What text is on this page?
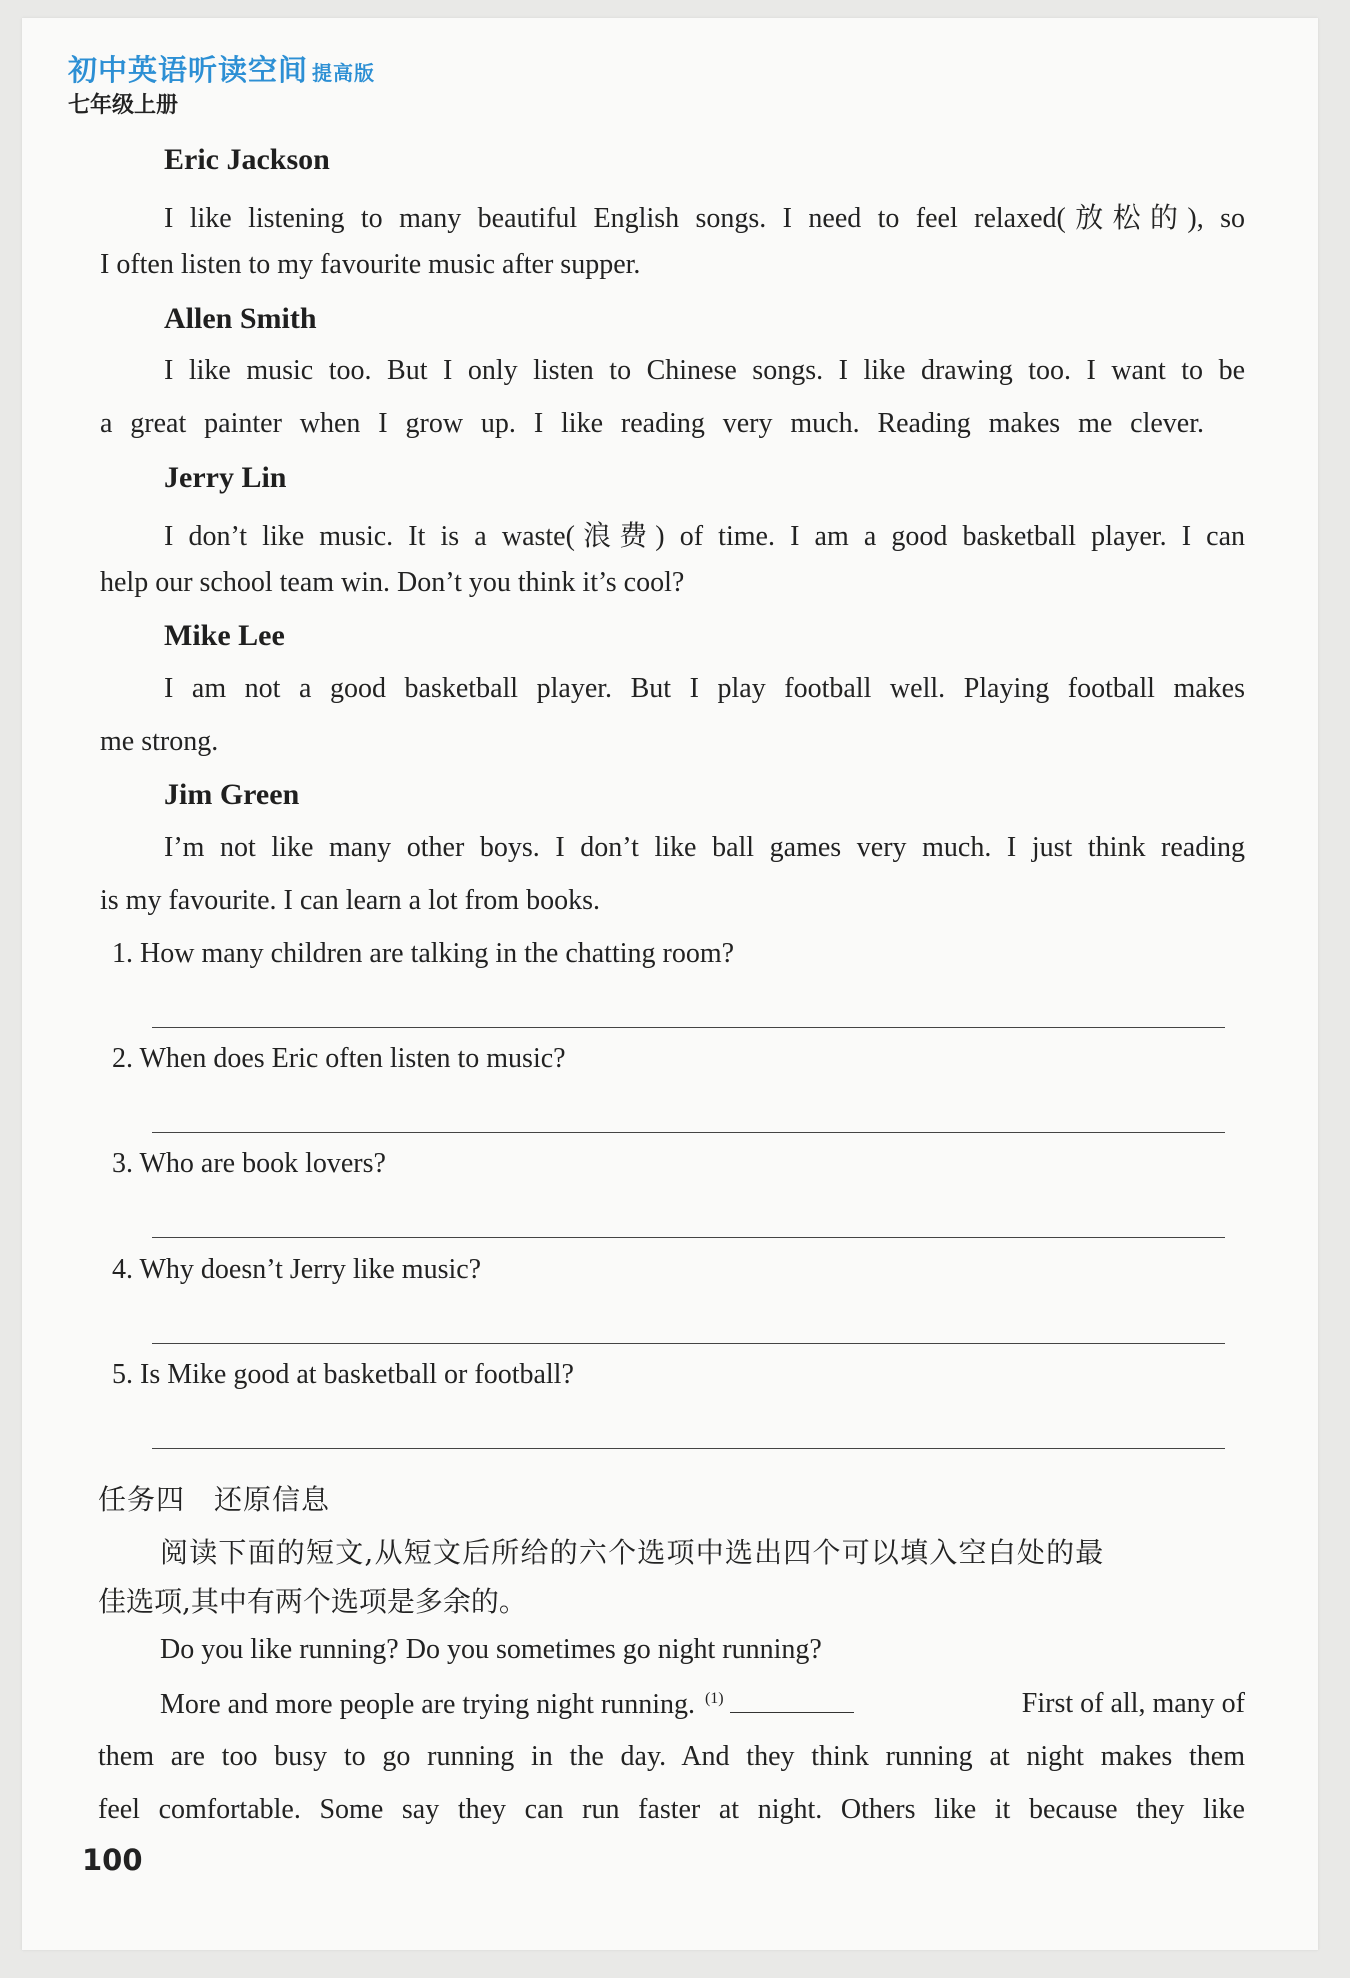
初中英语听读空间 提高版
七年级上册
Eric Jackson
I like listening to many beautiful English songs. I need to feel relaxed(放松的), so
I often listen to my favourite music after supper.
Allen Smith
I like music too. But I only listen to Chinese songs. I like drawing too. I want to be
a great painter when I grow up. I like reading very much. Reading makes me clever.
Jerry Lin
I don’t like music. It is a waste(浪费) of time. I am a good basketball player. I can
help our school team win. Don’t you think it’s cool?
Mike Lee
I am not a good basketball player. But I play football well. Playing football makes
me strong.
Jim Green
I’m not like many other boys. I don’t like ball games very much. I just think reading
is my favourite. I can learn a lot from books.
1. How many children are talking in the chatting room?
2. When does Eric often listen to music?
3. Who are book lovers?
4. Why doesn’t Jerry like music?
5. Is Mike good at basketball or football?
任务四　还原信息
阅读下面的短文,从短文后所给的六个选项中选出四个可以填入空白处的最
佳选项,其中有两个选项是多余的。
Do you like running? Do you sometimes go night running?
More and more people are trying night running. $^{(1)}$	First of all, many of
them are too busy to go running in the day. And they think running at night makes them
feel comfortable. Some say they can run faster at night. Others like it because they like
100
